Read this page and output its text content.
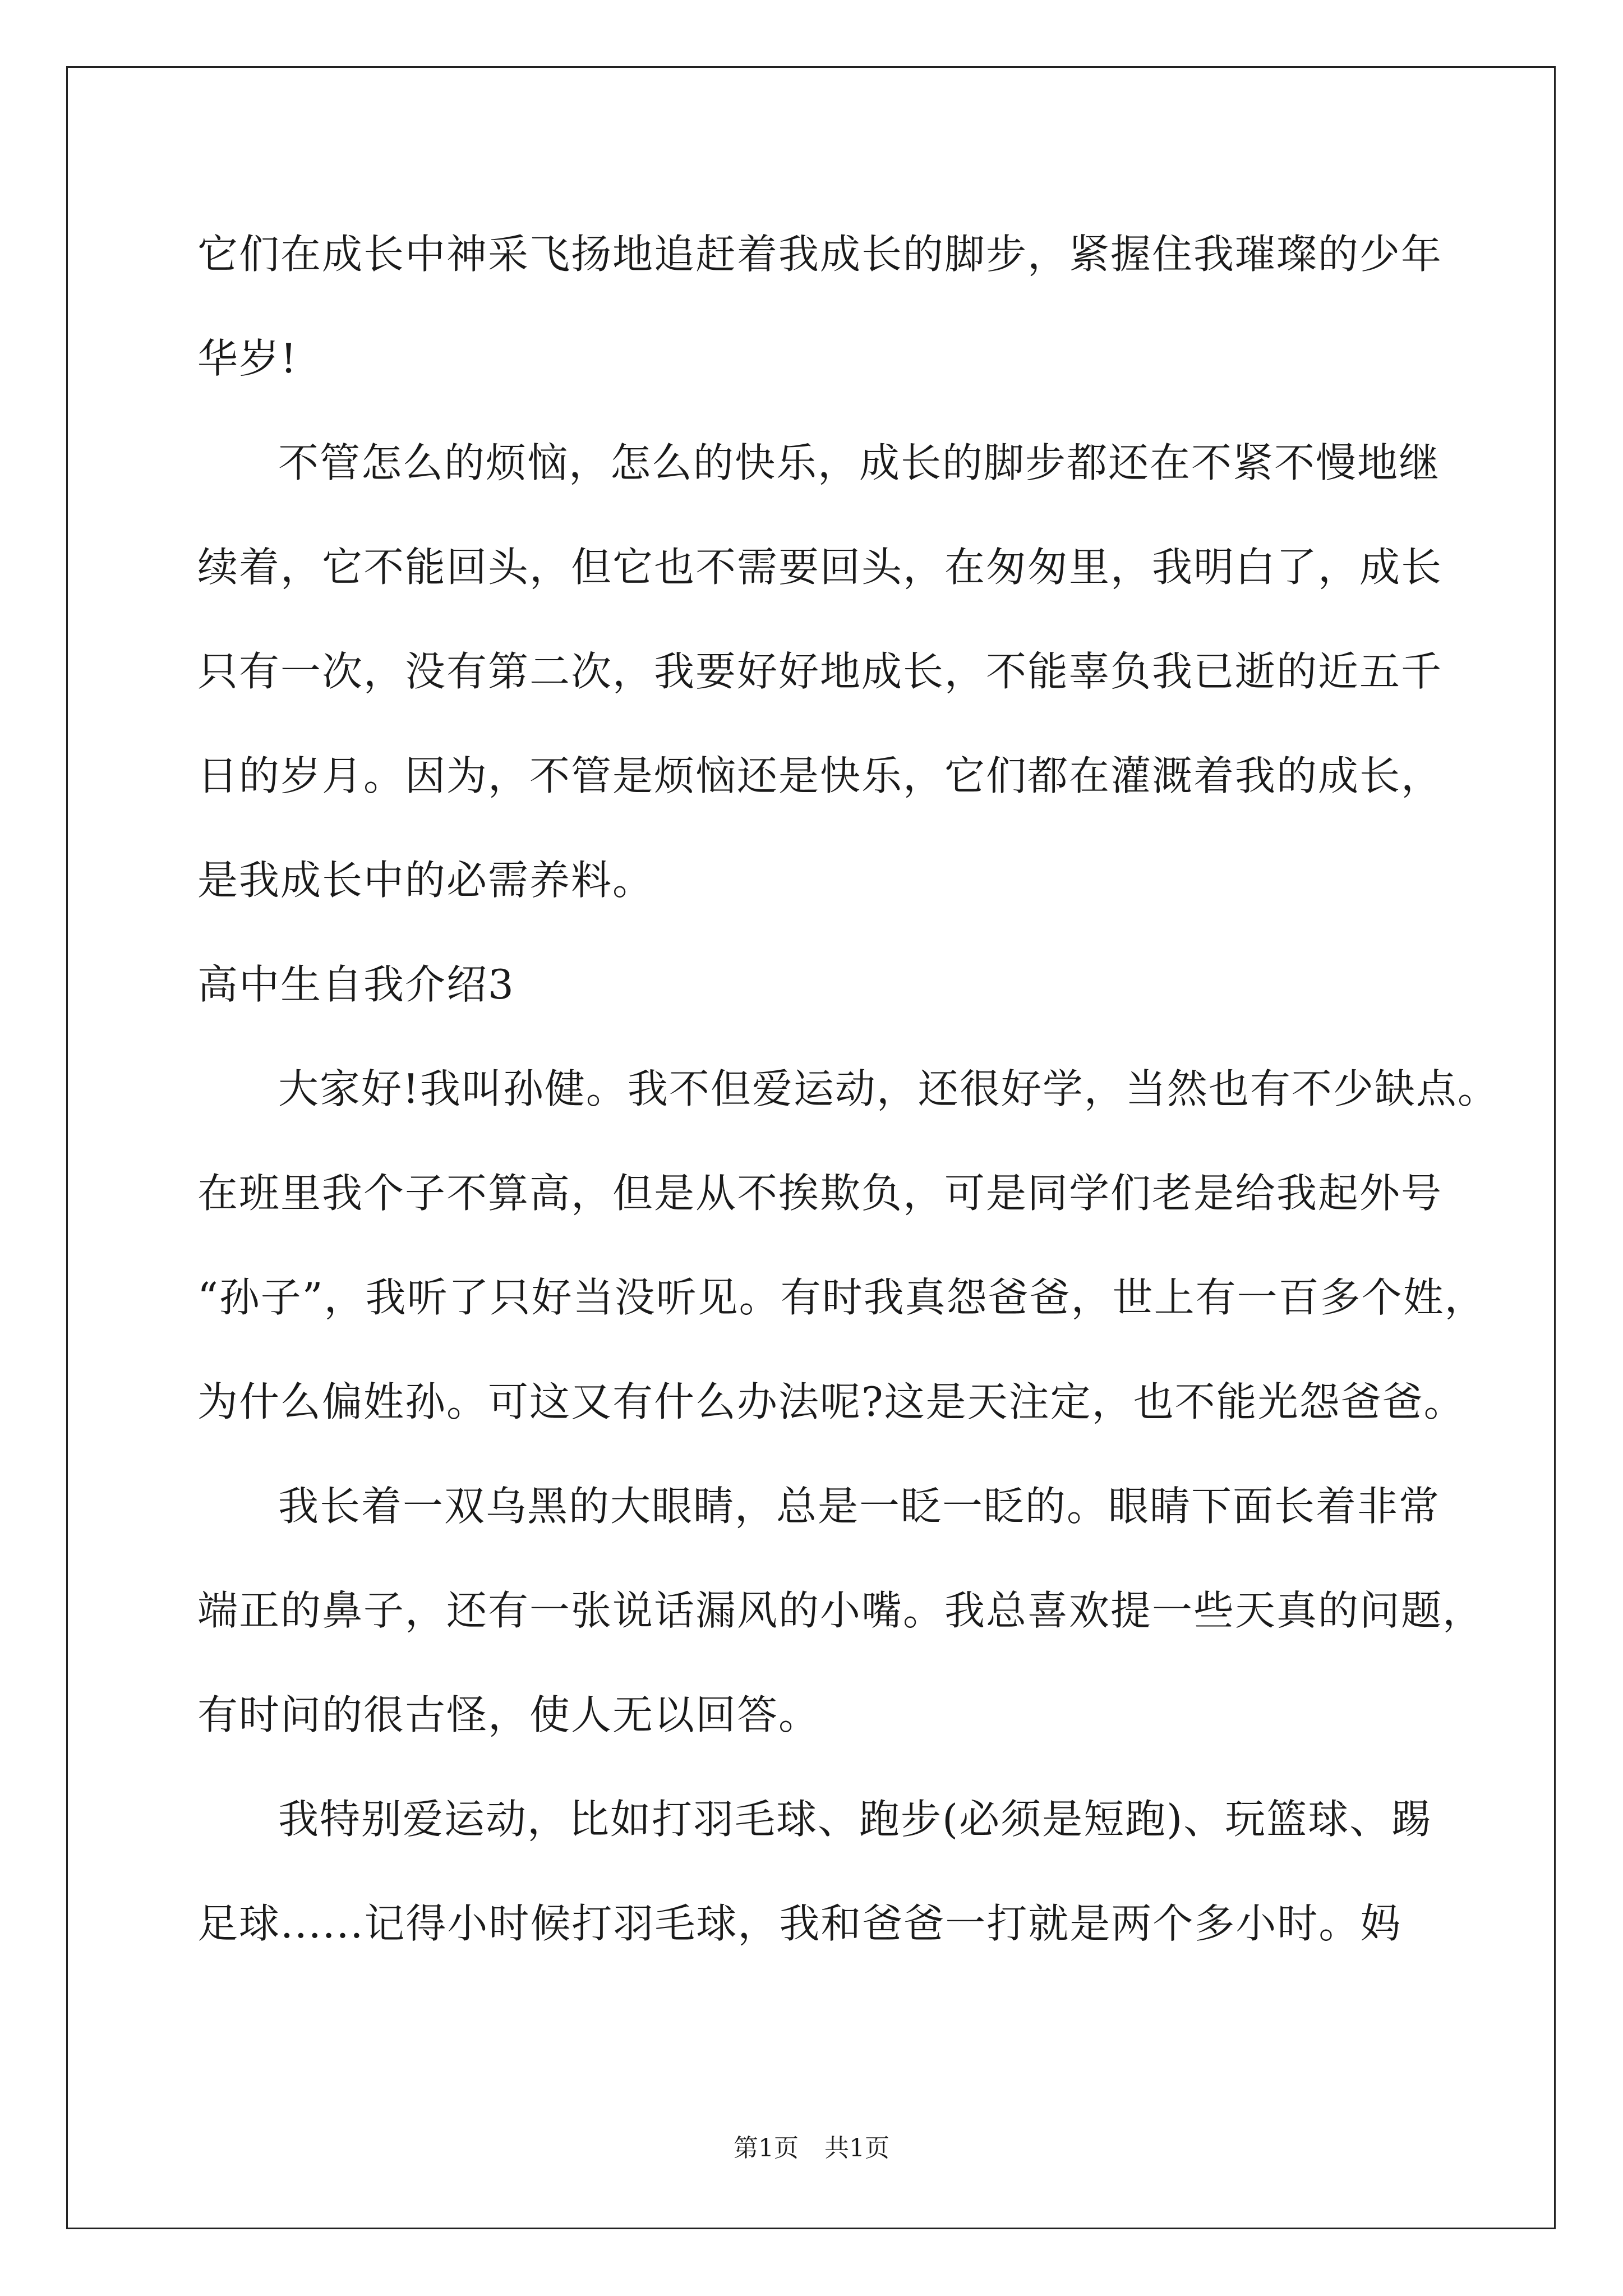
它们在成长中神采飞扬地追赶着我成长的脚步，紧握住我璀璨的少年
华岁!
不管怎么的烦恼，怎么的快乐，成长的脚步都还在不紧不慢地继
续着，它不能回头，但它也不需要回头，在匆匆里，我明白了，成长
只有一次，没有第二次，我要好好地成长，不能辜负我已逝的近五千
日的岁月。因为，不管是烦恼还是快乐，它们都在灌溉着我的成长，
是我成长中的必需养料。
高中生自我介绍3
大家好!我叫孙健。我不但爱运动，还很好学，当然也有不少缺点。
在班里我个子不算高，但是从不挨欺负，可是同学们老是给我起外号
“孙子”，我听了只好当没听见。有时我真怨爸爸，世上有一百多个姓，
为什么偏姓孙。可这又有什么办法呢?这是天注定，也不能光怨爸爸。
我长着一双乌黑的大眼睛，总是一眨一眨的。眼睛下面长着非常
端正的鼻子，还有一张说话漏风的小嘴。我总喜欢提一些天真的问题，
有时问的很古怪，使人无以回答。
我特别爱运动，比如打羽毛球、跑步(必须是短跑)、玩篮球、踢
足球......记得小时候打羽毛球，我和爸爸一打就是两个多小时。妈
第1页 共1页
